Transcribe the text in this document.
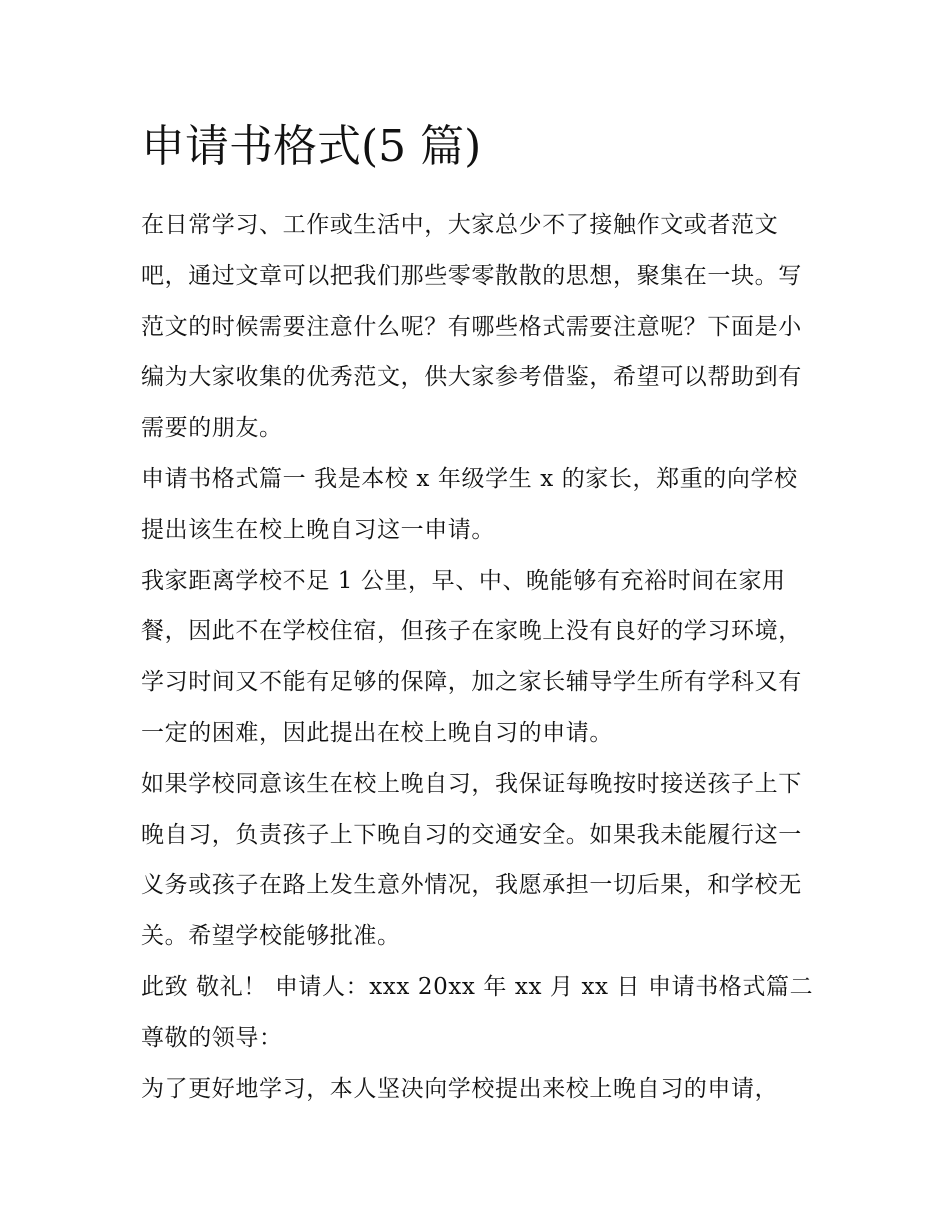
申请书格式(5 篇)

在日常学习、工作或生活中，大家总少不了接触作文或者范文吧，通过文章可以把我们那些零零散散的思想，聚集在一块。写范文的时候需要注意什么呢？有哪些格式需要注意呢？下面是小编为大家收集的优秀范文，供大家参考借鉴，希望可以帮助到有需要的朋友。

申请书格式篇一 我是本校 x 年级学生 x 的家长，郑重的向学校提出该生在校上晚自习这一申请。

我家距离学校不足 1 公里，早、中、晚能够有充裕时间在家用餐，因此不在学校住宿，但孩子在家晚上没有良好的学习环境，学习时间又不能有足够的保障，加之家长辅导学生所有学科又有一定的困难，因此提出在校上晚自习的申请。

如果学校同意该生在校上晚自习，我保证每晚按时接送孩子上下晚自习，负责孩子上下晚自习的交通安全。如果我未能履行这一义务或孩子在路上发生意外情况，我愿承担一切后果，和学校无关。希望学校能够批准。

此致 敬礼！ 申请人：xxx 20xx 年 xx 月 xx 日 申请书格式篇二 尊敬的领导：

为了更好地学习，本人坚决向学校提出来校上晚自习的申请，
